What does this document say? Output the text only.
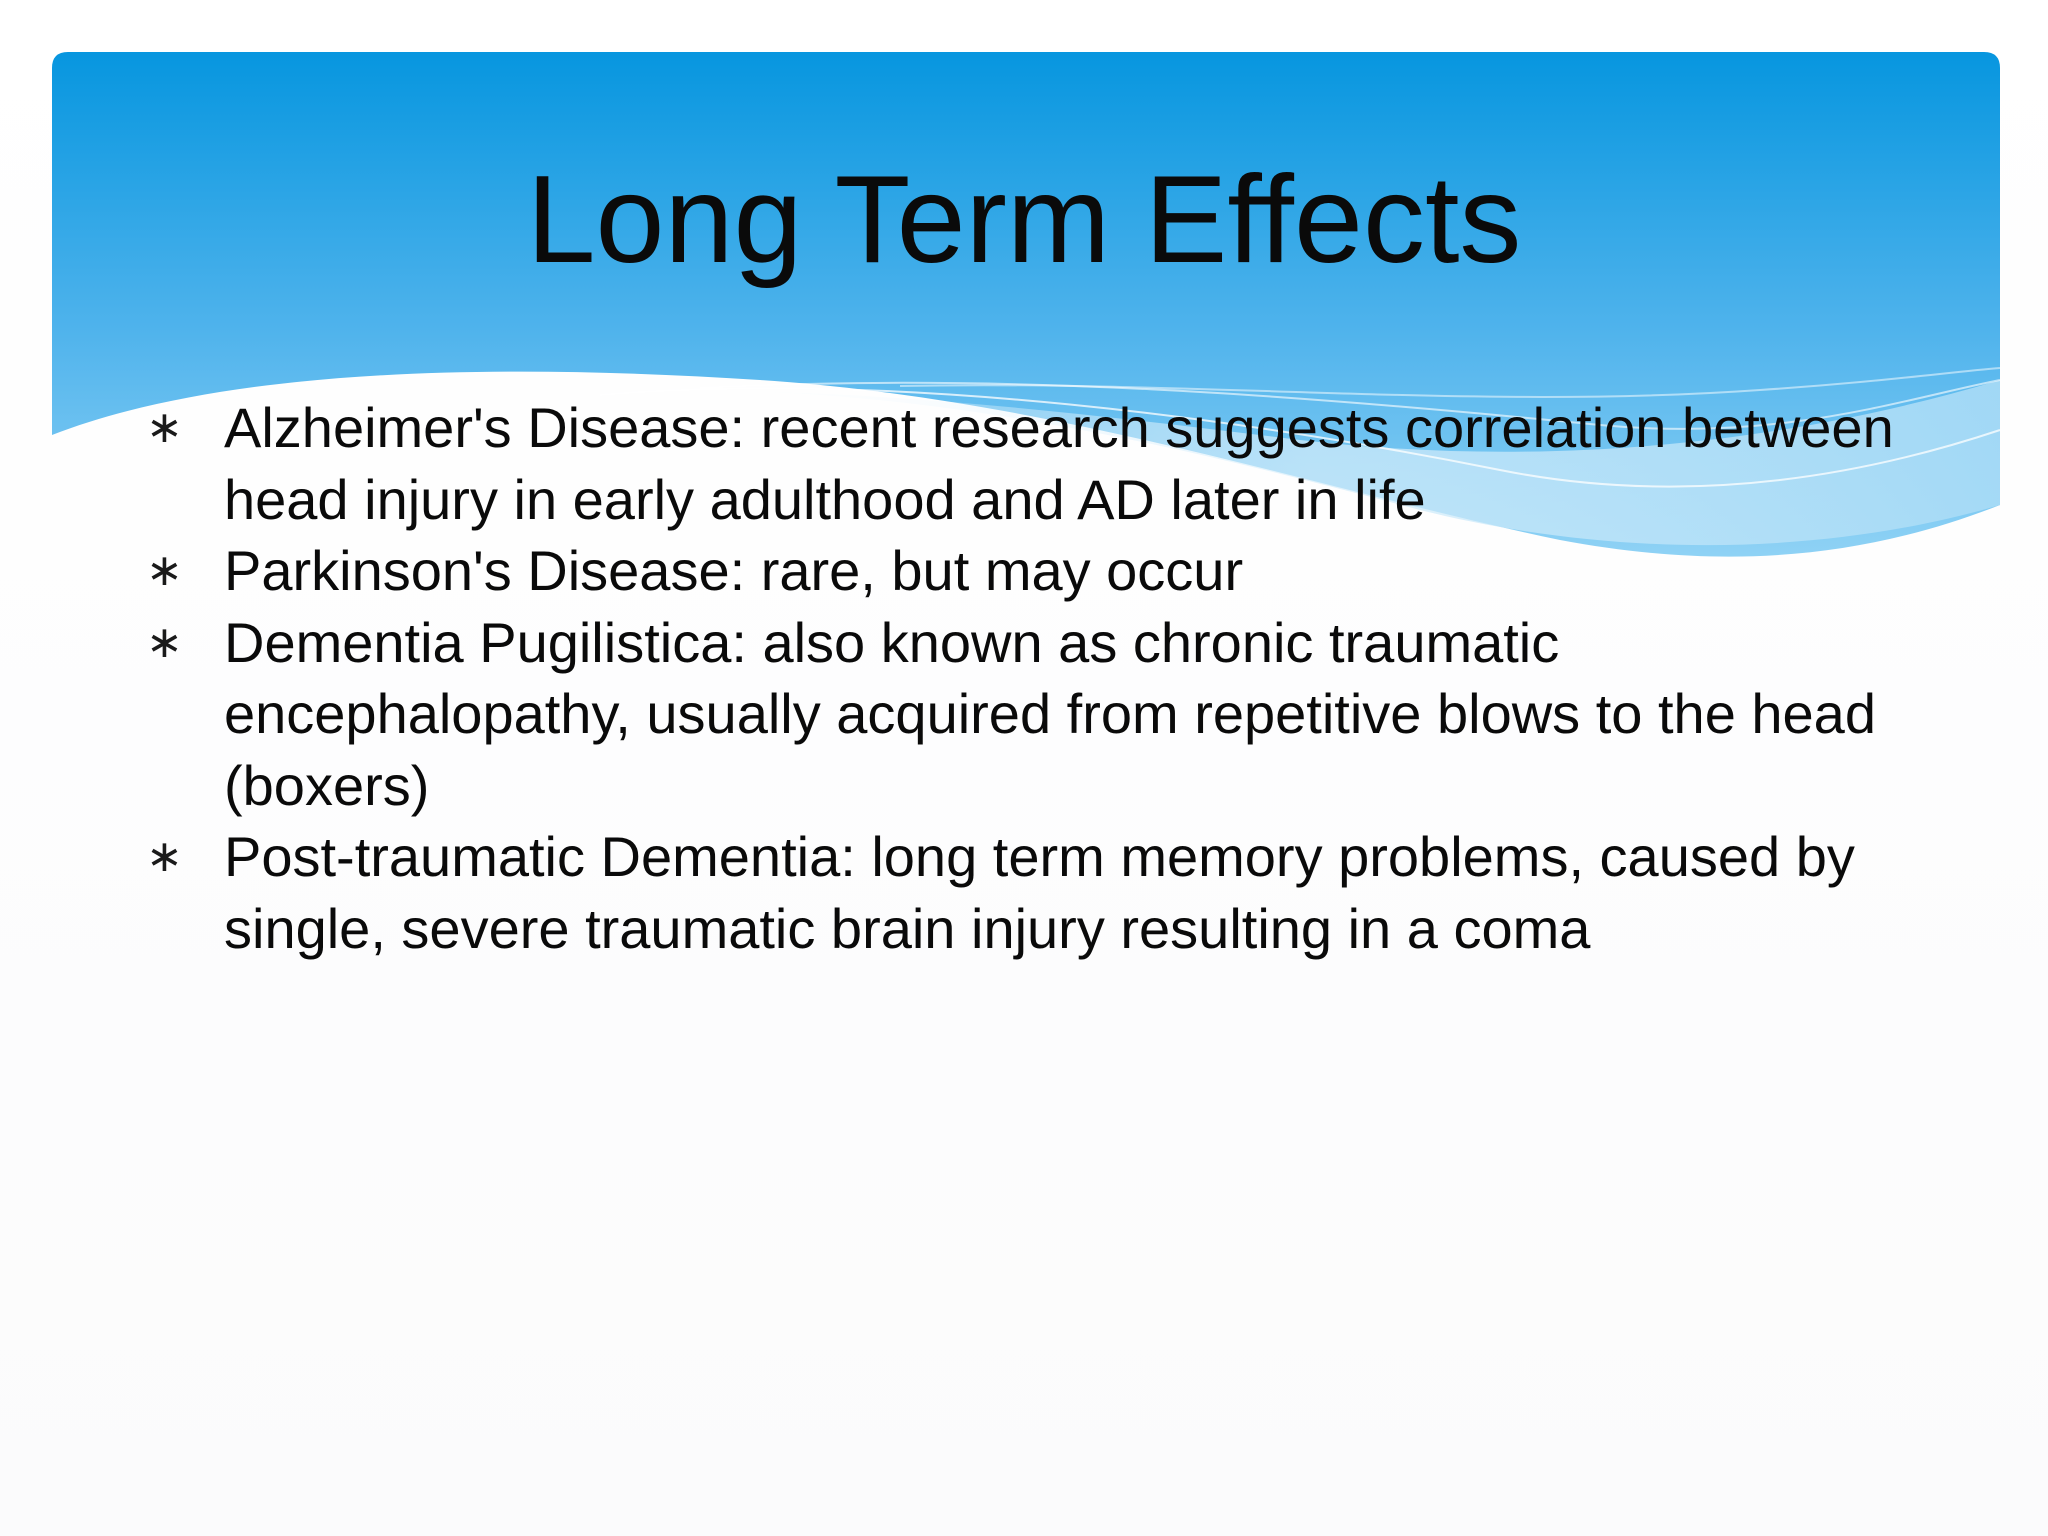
Long Term Effects
∗ Alzheimer's Disease: recent research suggests correlation between head injury in early adulthood and AD later in life
∗ Parkinson's Disease: rare, but may occur
∗ Dementia Pugilistica: also known as chronic traumatic encephalopathy, usually acquired from repetitive blows to the head (boxers)
∗ Post-traumatic Dementia: long term memory problems, caused by single, severe traumatic brain injury resulting in a coma
